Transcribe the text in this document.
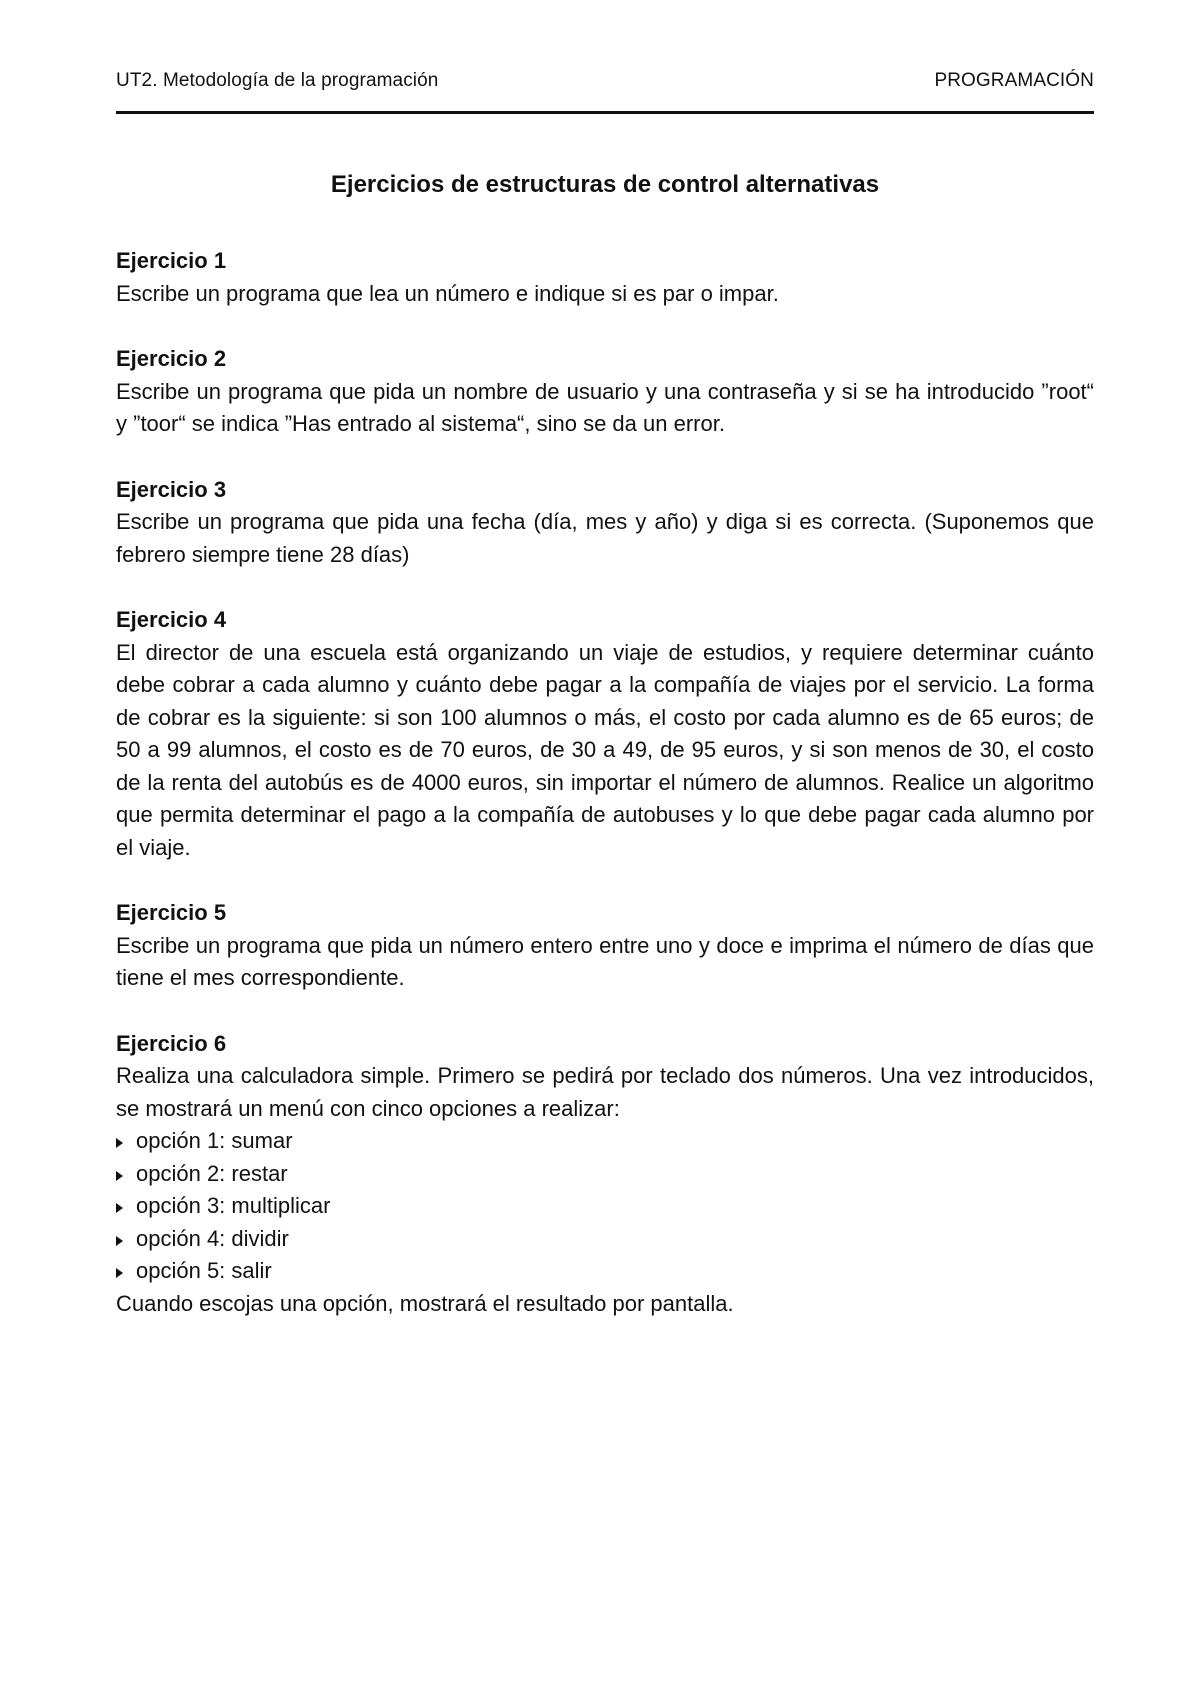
UT2. Metodología de la programación	PROGRAMACIÓN
Ejercicios de estructuras de control alternativas
Ejercicio 1
Escribe un programa que lea un número e indique si es par o impar.
Ejercicio 2
Escribe un programa que pida un nombre de usuario y una contraseña y si se ha introducido ”root“ y ”toor“ se indica ”Has entrado al sistema“, sino se da un error.
Ejercicio 3
Escribe un programa que pida una fecha (día, mes y año) y diga si es correcta. (Suponemos que febrero siempre tiene 28 días)
Ejercicio 4
El director de una escuela está organizando un viaje de estudios, y requiere determinar cuánto debe cobrar a cada alumno y cuánto debe pagar a la compañía de viajes por el servicio. La forma de cobrar es la siguiente: si son 100 alumnos o más, el costo por cada alumno es de 65 euros; de 50 a 99 alumnos, el costo es de 70 euros, de 30 a 49, de 95 euros, y si son menos de 30, el costo de la renta del autobús es de 4000 euros, sin importar el número de alumnos. Realice un algoritmo que permita determinar el pago a la compañía de autobuses y lo que debe pagar cada alumno por el viaje.
Ejercicio 5
Escribe un programa que pida un número entero entre uno y doce e imprima el número de días que tiene el mes correspondiente.
Ejercicio 6
Realiza una calculadora simple. Primero se pedirá por teclado dos números. Una vez introducidos, se mostrará un menú con cinco opciones a realizar:
opción 1: sumar
opción 2: restar
opción 3: multiplicar
opción 4: dividir
opción 5: salir
Cuando escojas una opción, mostrará el resultado por pantalla.
